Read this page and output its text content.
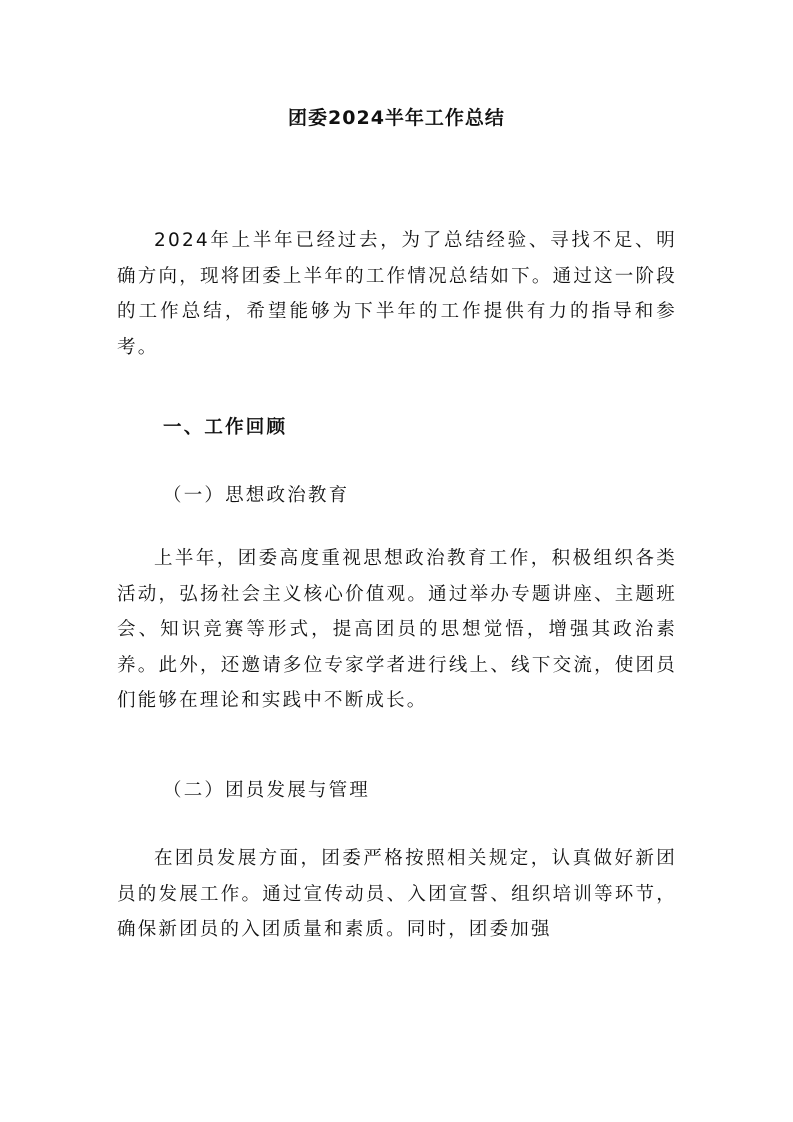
团委2024半年工作总结

2024年上半年已经过去，为了总结经验、寻找不足、明确方向，现将团委上半年的工作情况总结如下。通过这一阶段的工作总结，希望能够为下半年的工作提供有力的指导和参考。

一、工作回顾

（一）思想政治教育

上半年，团委高度重视思想政治教育工作，积极组织各类活动，弘扬社会主义核心价值观。通过举办专题讲座、主题班会、知识竞赛等形式，提高团员的思想觉悟，增强其政治素养。此外，还邀请多位专家学者进行线上、线下交流，使团员们能够在理论和实践中不断成长。

（二）团员发展与管理

在团员发展方面，团委严格按照相关规定，认真做好新团员的发展工作。通过宣传动员、入团宣誓、组织培训等环节，确保新团员的入团质量和素质。同时，团委加强
